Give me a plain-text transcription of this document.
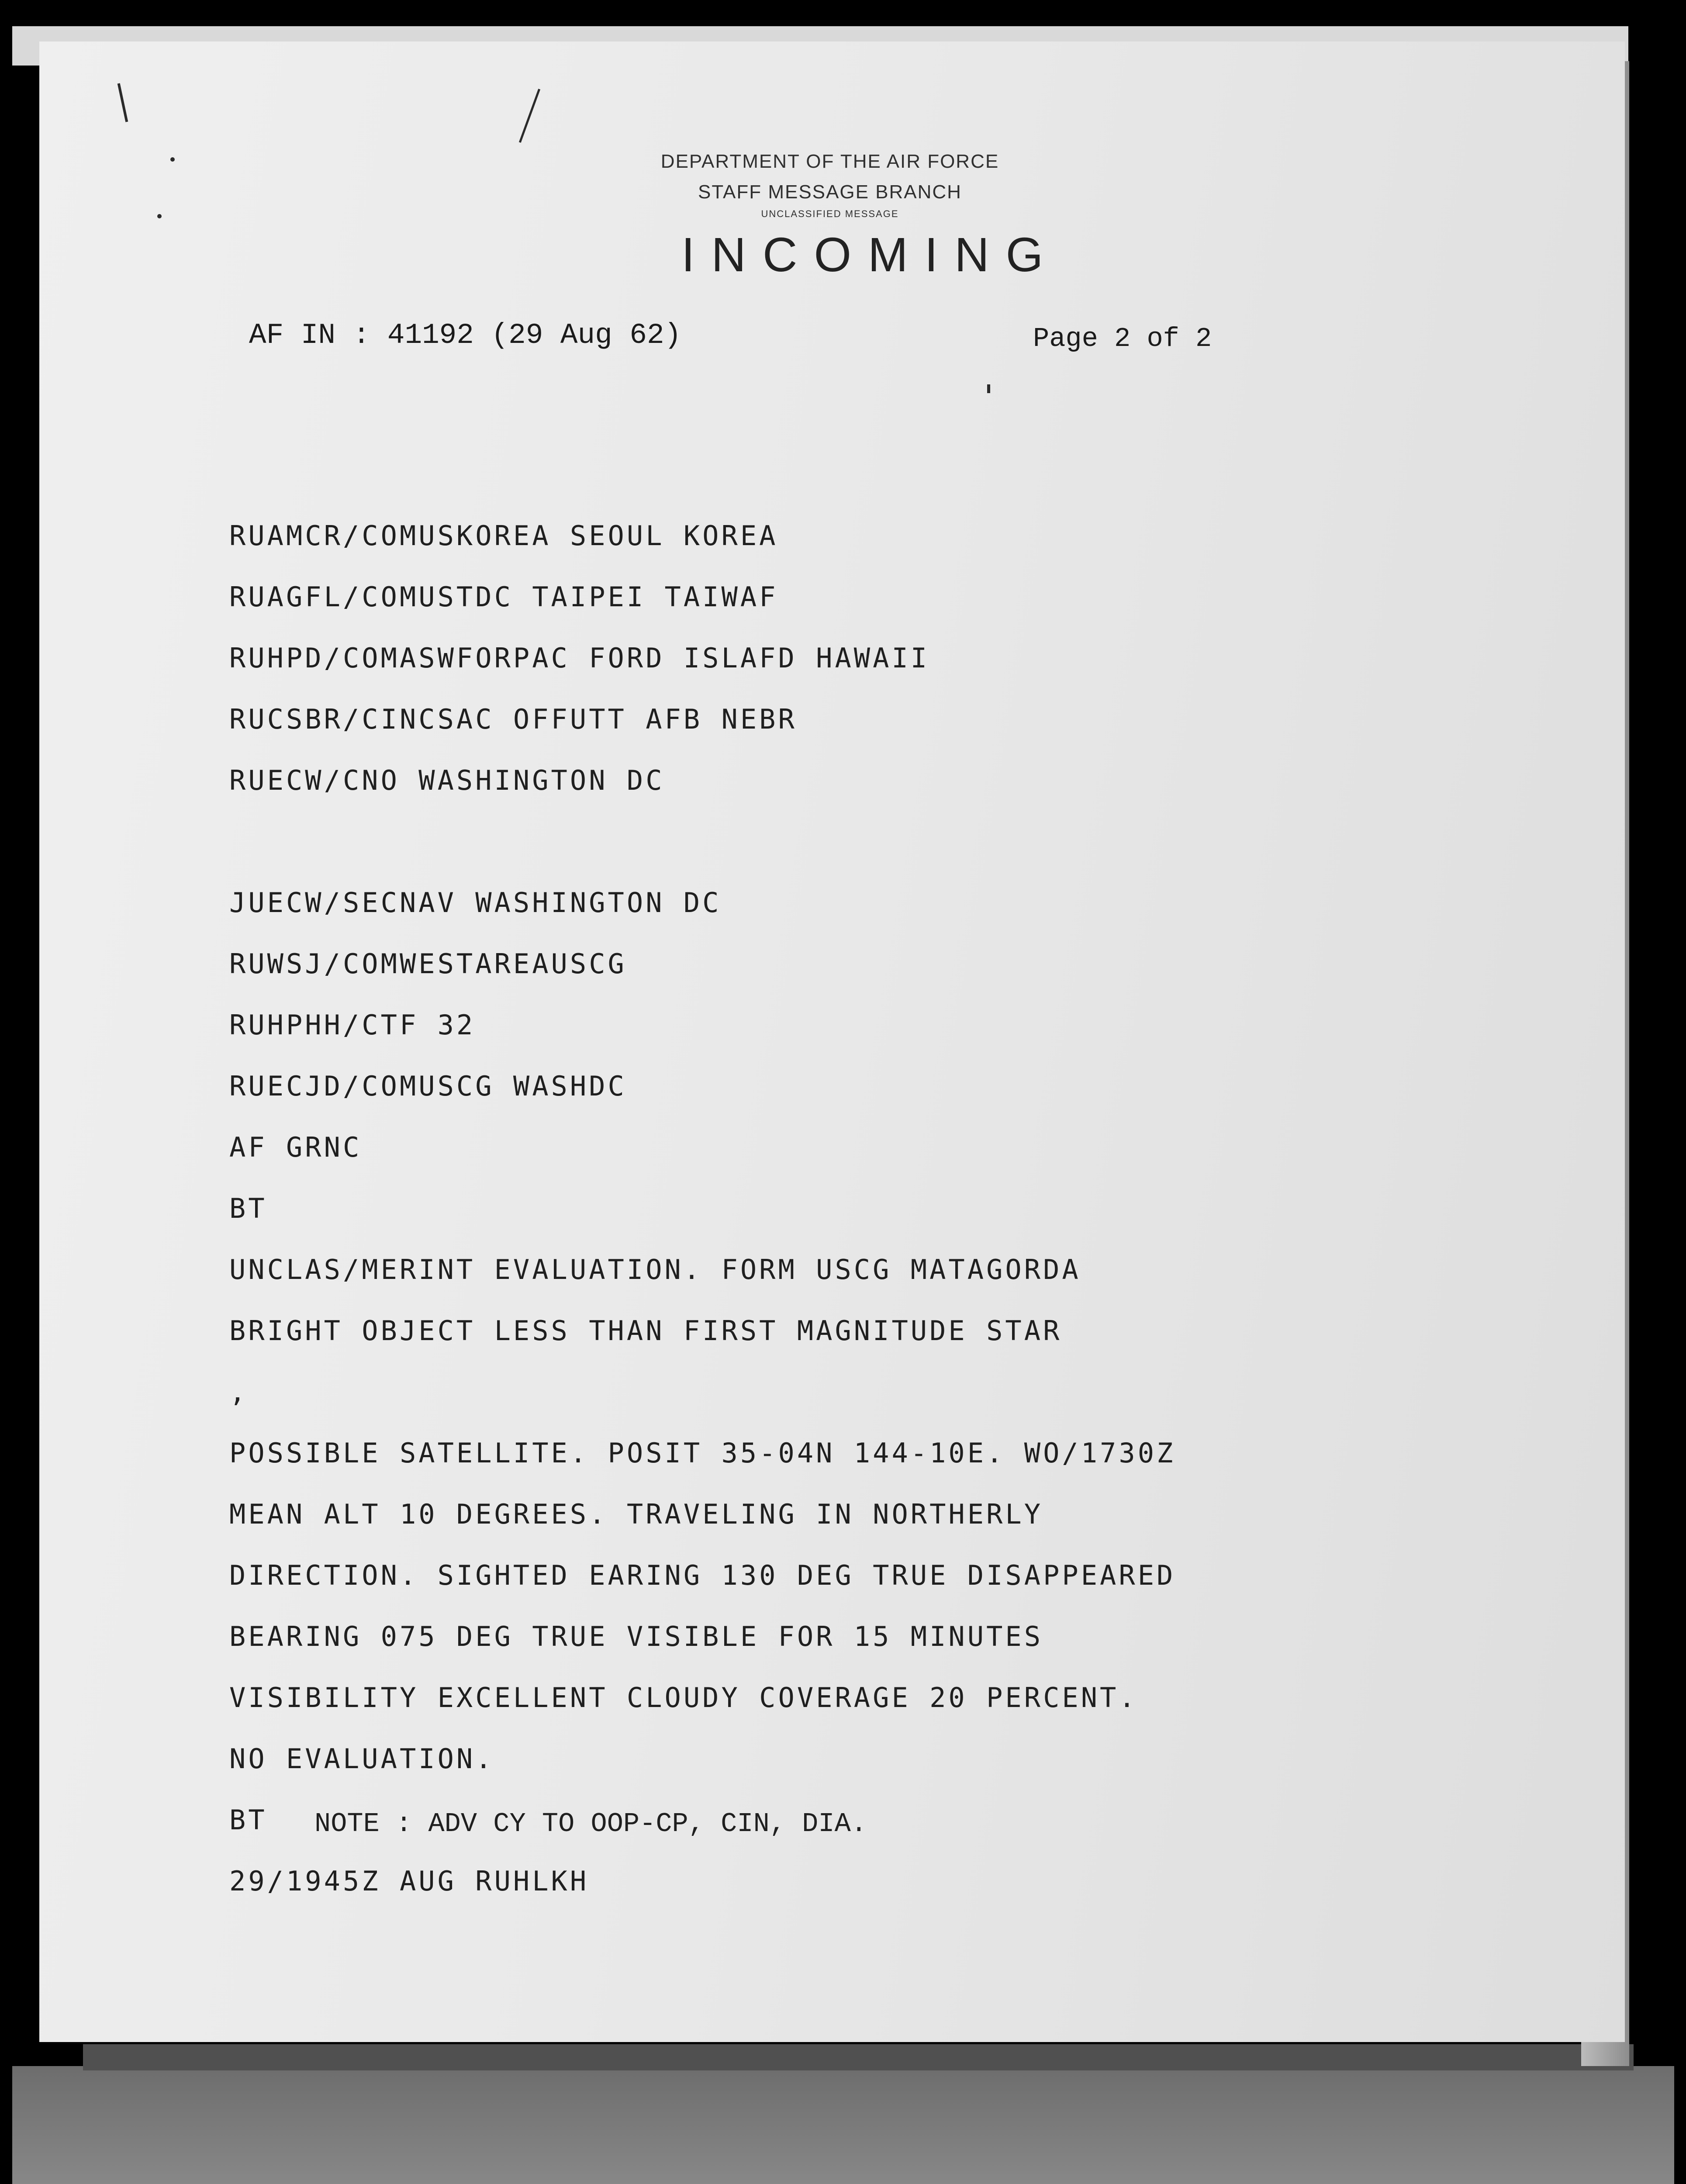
DEPARTMENT OF THE AIR FORCE
STAFF MESSAGE BRANCH
UNCLASSIFIED MESSAGE
INCOMING
AF IN : 41192 (29 Aug 62)	Page 2 of 2
RUAMCR/COMUSKOREA SEOUL KOREA
RUAGFL/COMUSTDC TAIPEI TAIWAF
RUHPD/COMASWFORPAC FORD ISLAFD HAWAII
RUCSBR/CINCSAC OFFUTT AFB NEBR
RUECW/CNO WASHINGTON DC
JUECW/SECNAV WASHINGTON DC
RUWSJ/COMWESTAREAUSCG
RUHPHH/CTF 32
RUECJD/COMUSCG WASHDC
AF GRNC
BT
UNCLAS/MERINT EVALUATION. FORM USCG MATAGORDA
BRIGHT OBJECT LESS THAN FIRST MAGNITUDE STAR
,
POSSIBLE SATELLITE. POSIT 35-04N 144-10E. WO/1730Z
MEAN ALT 10 DEGREES. TRAVELING IN NORTHERLY
DIRECTION. SIGHTED EARING 130 DEG TRUE DISAPPEARED
BEARING 075 DEG TRUE VISIBLE FOR 15 MINUTES
VISIBILITY EXCELLENT CLOUDY COVERAGE 20 PERCENT.
NO EVALUATION.
BT NOTE : ADV CY TO OOP-CP, CIN, DIA.
29/1945Z AUG RUHLKH
